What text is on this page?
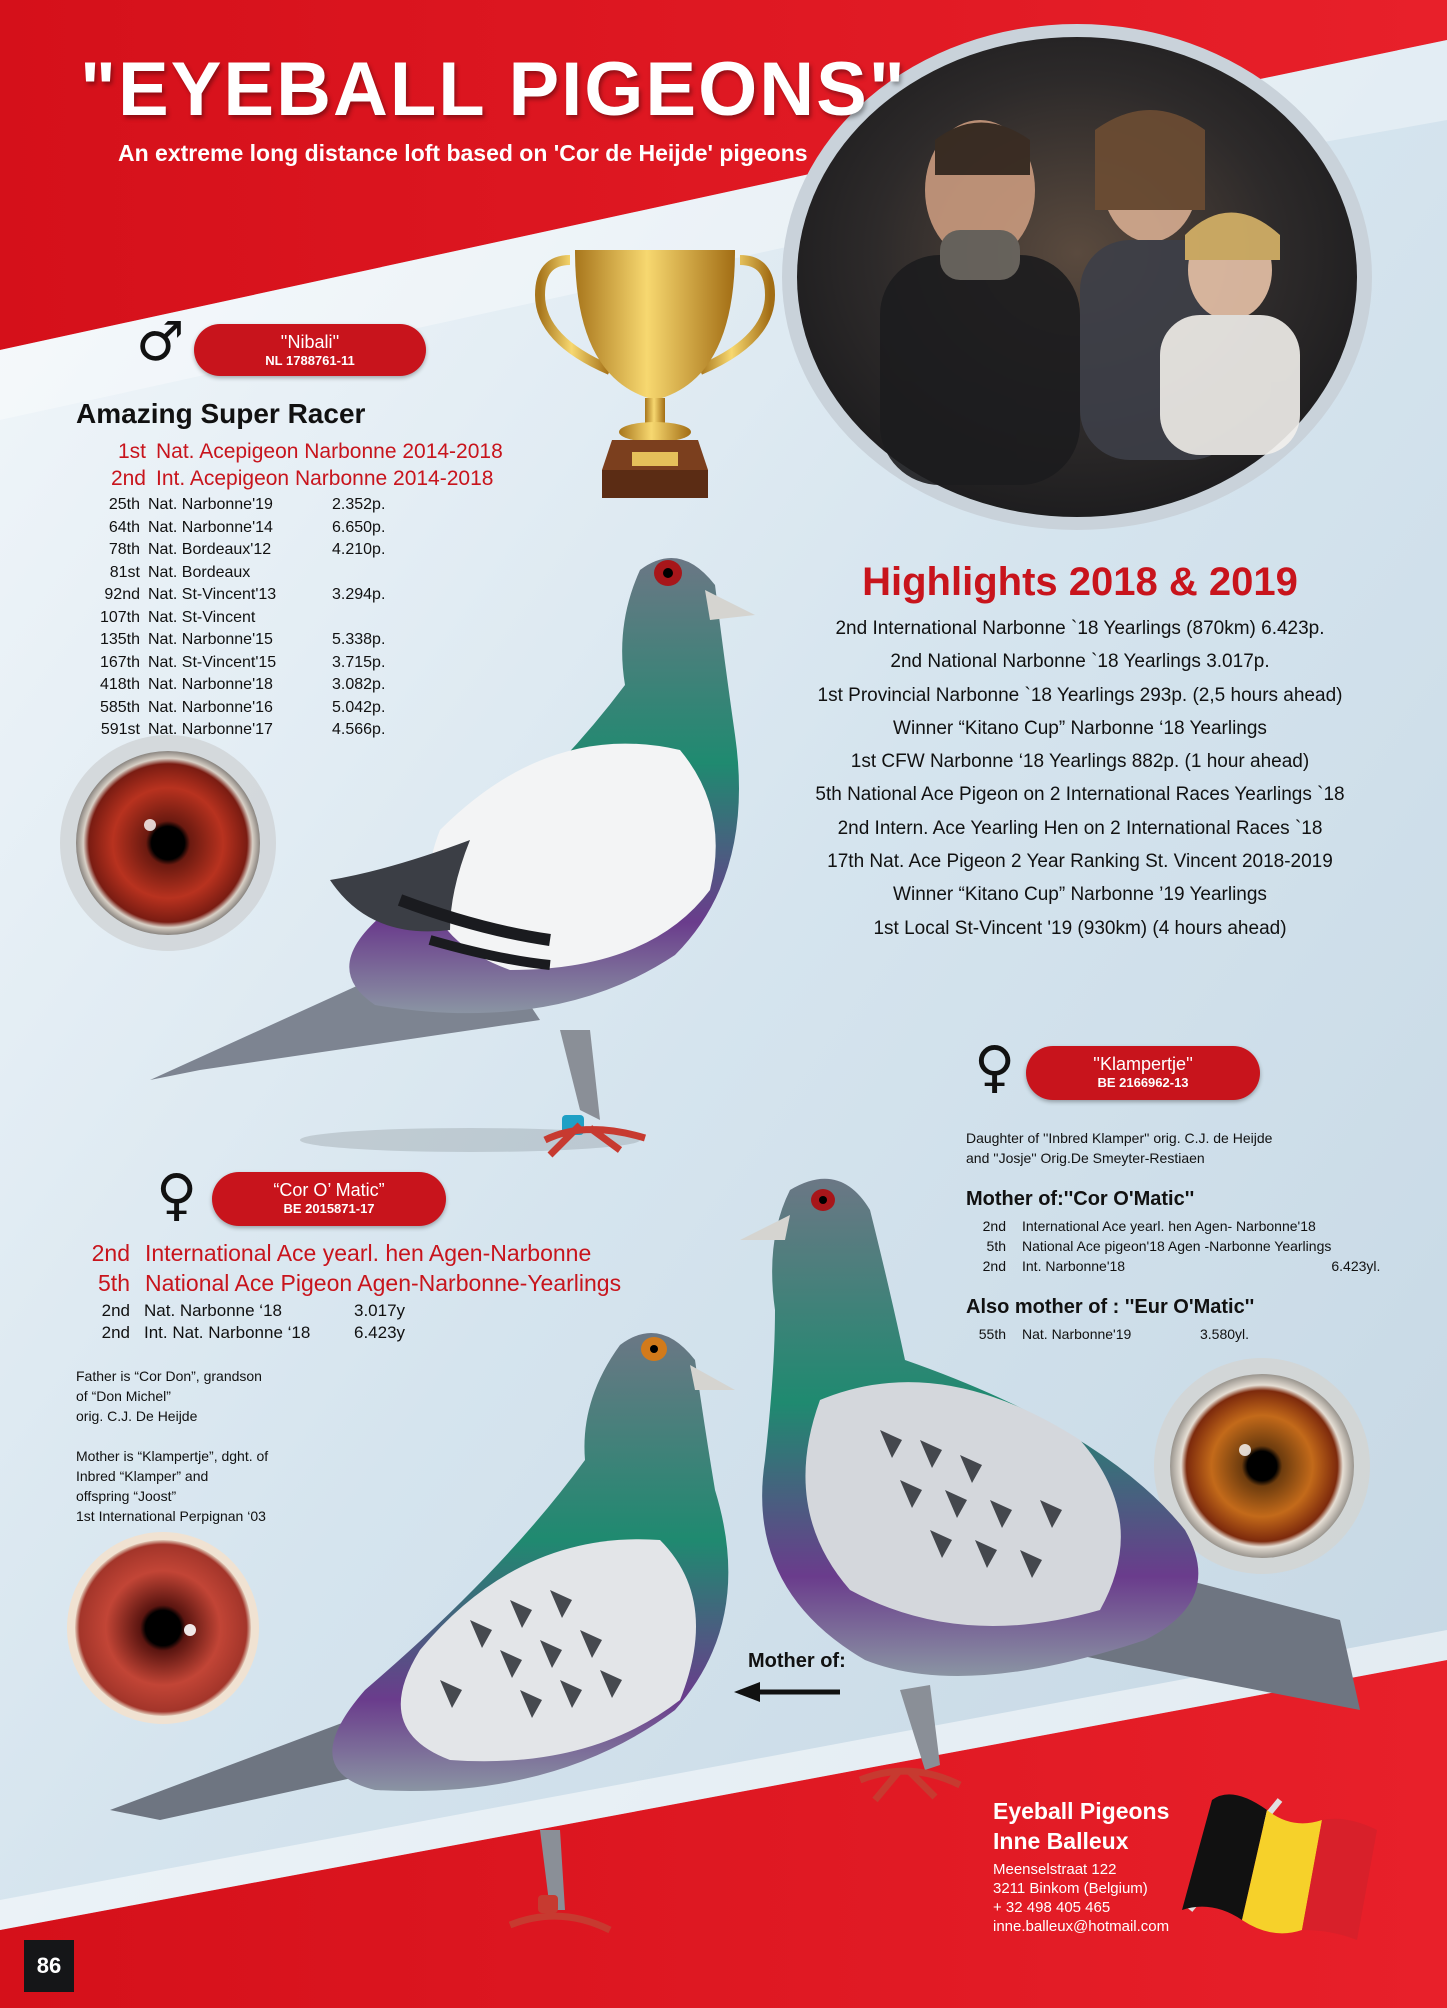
"EYEBALL PIGEONS"
An extreme long distance loft based on 'Cor de Heijde' pigeons
♂	''Nibali''
NL 1788761-11
Amazing Super Racer
1st	Nat. Acepigeon Narbonne 2014-2018
2nd	Int. Acepigeon Narbonne 2014-2018
25th	Nat. Narbonne'19	2.352p.
64th	Nat. Narbonne'14	6.650p.
78th	Nat. Bordeaux'12	4.210p.
81st	Nat. Bordeaux	
92nd	Nat. St-Vincent'13	3.294p.
107th	Nat. St-Vincent	
135th	Nat. Narbonne'15	5.338p.
167th	Nat. St-Vincent'15	3.715p.
418th	Nat. Narbonne'18	3.082p.
585th	Nat. Narbonne'16	5.042p.
591st	Nat. Narbonne'17	4.566p.
Highlights 2018 & 2019
2nd International Narbonne `18 Yearlings (870km) 6.423p.
2nd National Narbonne `18 Yearlings 3.017p.
1st Provincial Narbonne `18 Yearlings 293p. (2,5 hours ahead)
Winner “Kitano Cup” Narbonne ‘18 Yearlings
1st CFW Narbonne ‘18 Yearlings 882p. (1 hour ahead)
5th National Ace Pigeon on 2 International Races Yearlings `18
2nd Intern. Ace Yearling Hen on 2 International Races `18
17th Nat. Ace Pigeon 2 Year Ranking St. Vincent 2018-2019
Winner “Kitano Cup” Narbonne ’19 Yearlings
1st Local St-Vincent '19 (930km) (4 hours ahead)
♀	''Klampertje''
BE 2166962-13
Daughter of ''Inbred Klamper'' orig. C.J. de Heijde
and ''Josje'' Orig.De Smeyter-Restiaen
Mother of:''Cor O'Matic''
2nd	International Ace yearl. hen Agen- Narbonne'18	
5th	National Ace pigeon'18 Agen -Narbonne Yearlings	
2nd	Int. Narbonne'18	6.423yl.
Also mother of : ''Eur O'Matic''
55th	Nat. Narbonne'19	3.580yl.
♀	“Cor O’ Matic”
BE 2015871-17
2nd	International Ace yearl. hen Agen-Narbonne
5th	National Ace Pigeon Agen-Narbonne-Yearlings
2nd	Nat. Narbonne ‘18	3.017y
2nd	Int. Nat. Narbonne ‘18	6.423y
Father is “Cor Don”, grandson
of “Don Michel”
orig. C.J. De Heijde
Mother is “Klampertje”, dght. of
Inbred “Klamper” and
offspring “Joost”
1st International Perpignan ‘03
Mother of:
Eyeball Pigeons
Inne Balleux
Meenselstraat 122
3211 Binkom (Belgium)
+ 32 498 405 465
inne.balleux@hotmail.com
86
